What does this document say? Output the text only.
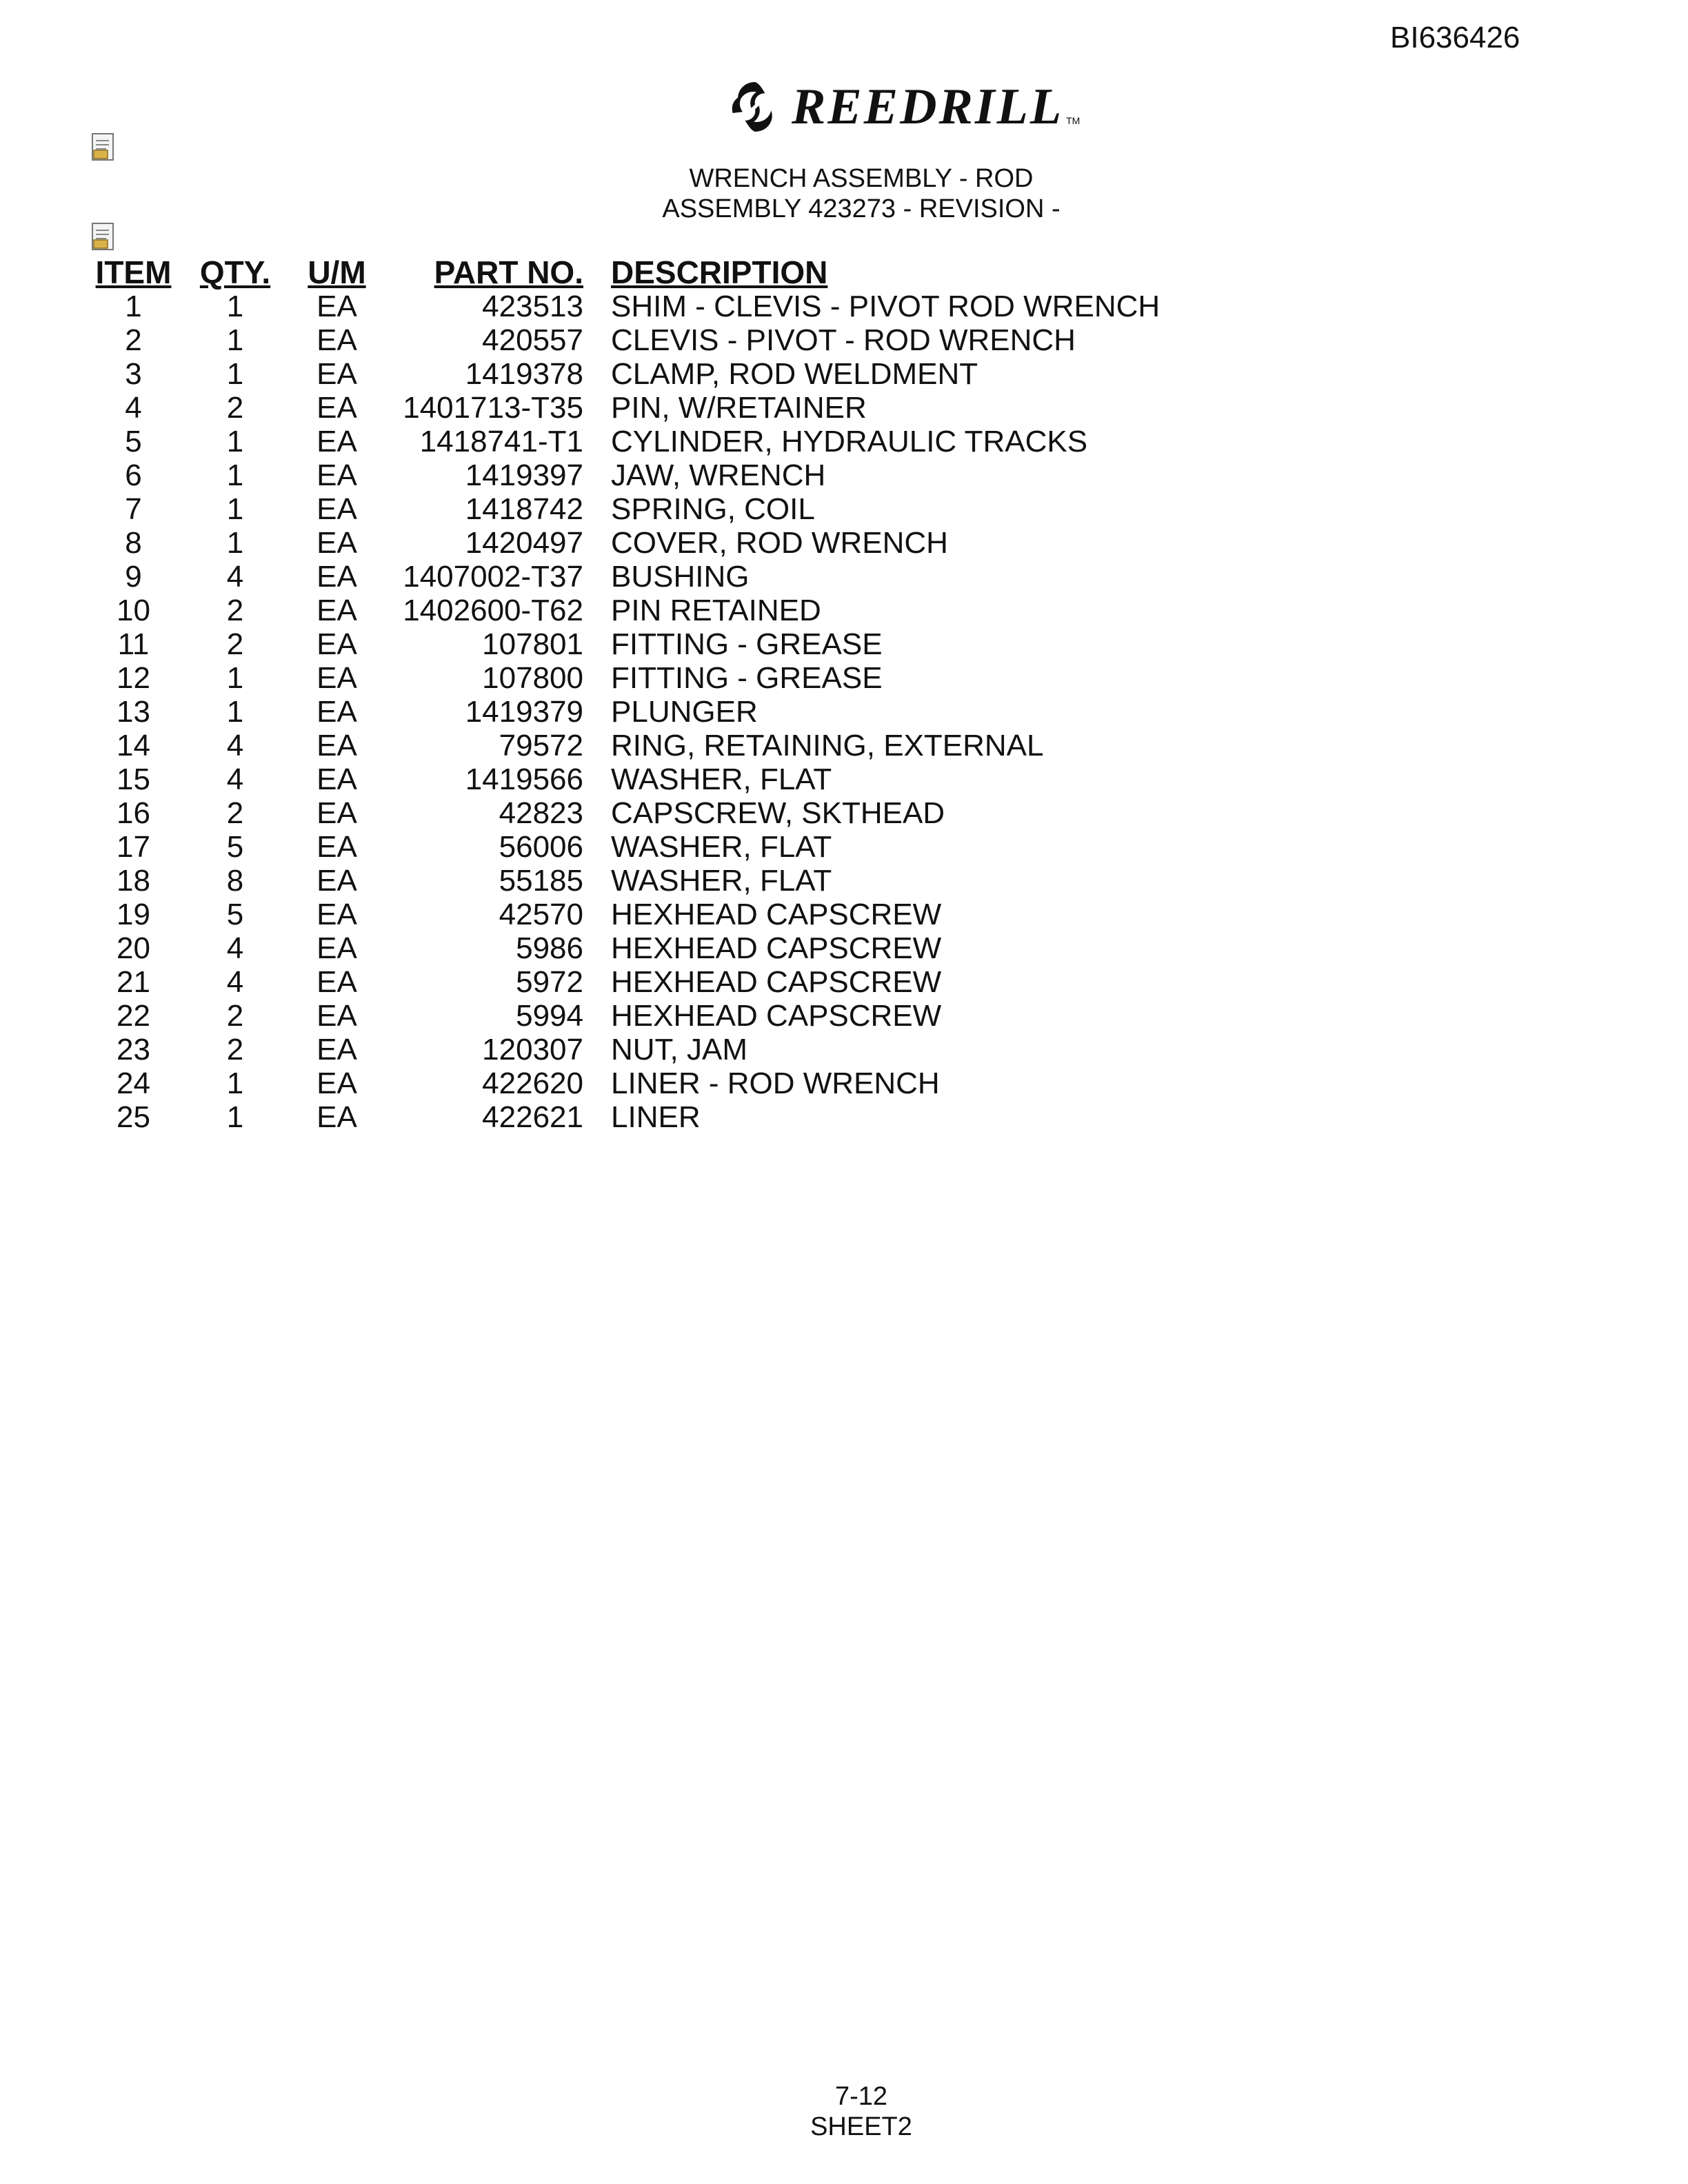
BI636426
REEDRILL TM
WRENCH ASSEMBLY - ROD
ASSEMBLY 423273 - REVISION -
ITEM	QTY.	U/M	PART NO.	DESCRIPTION
1	1	EA	423513	SHIM - CLEVIS - PIVOT ROD WRENCH
2	1	EA	420557	CLEVIS - PIVOT - ROD WRENCH
3	1	EA	1419378	CLAMP, ROD WELDMENT
4	2	EA	1401713-T35	PIN, W/RETAINER
5	1	EA	1418741-T1	CYLINDER, HYDRAULIC TRACKS
6	1	EA	1419397	JAW, WRENCH
7	1	EA	1418742	SPRING, COIL
8	1	EA	1420497	COVER, ROD WRENCH
9	4	EA	1407002-T37	BUSHING
10	2	EA	1402600-T62	PIN RETAINED
11	2	EA	107801	FITTING - GREASE
12	1	EA	107800	FITTING - GREASE
13	1	EA	1419379	PLUNGER
14	4	EA	79572	RING, RETAINING, EXTERNAL
15	4	EA	1419566	WASHER, FLAT
16	2	EA	42823	CAPSCREW, SKTHEAD
17	5	EA	56006	WASHER, FLAT
18	8	EA	55185	WASHER, FLAT
19	5	EA	42570	HEXHEAD CAPSCREW
20	4	EA	5986	HEXHEAD CAPSCREW
21	4	EA	5972	HEXHEAD CAPSCREW
22	2	EA	5994	HEXHEAD CAPSCREW
23	2	EA	120307	NUT, JAM
24	1	EA	422620	LINER - ROD WRENCH
25	1	EA	422621	LINER
7-12
SHEET2
